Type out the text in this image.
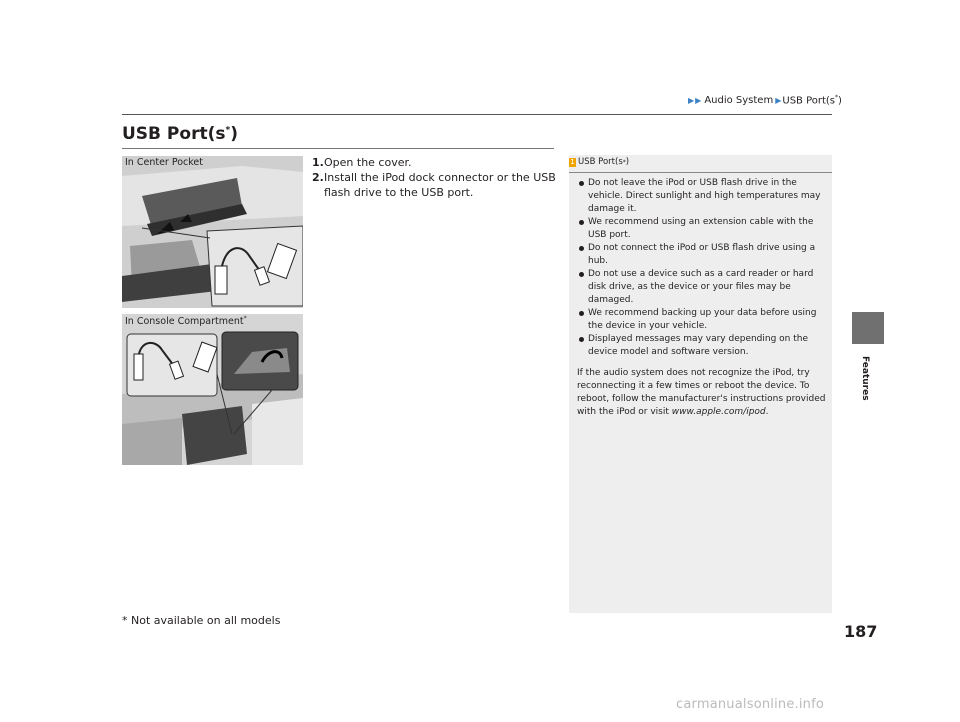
▶ ▶ Audio System ▶ USB Port(s*)
USB Port(s*)
In Center Pocket
In Console Compartment*
1. Open the cover.
2. Install the iPod dock connector or the USB flash drive to the USB port.
1 USB Port(s * )
Do not leave the iPod or USB flash drive in the vehicle. Direct sunlight and high temperatures may damage it.
We recommend using an extension cable with the USB port.
Do not connect the iPod or USB flash drive using a hub.
Do not use a device such as a card reader or hard disk drive, as the device or your files may be damaged.
We recommend backing up your data before using the device in your vehicle.
Displayed messages may vary depending on the device model and software version.
If the audio system does not recognize the iPod, try reconnecting it a few times or reboot the device. To reboot, follow the manufacturer's instructions provided with the iPod or visit www.apple.com/ipod.
Features
* Not available on all models
187
carmanualsonline.info
